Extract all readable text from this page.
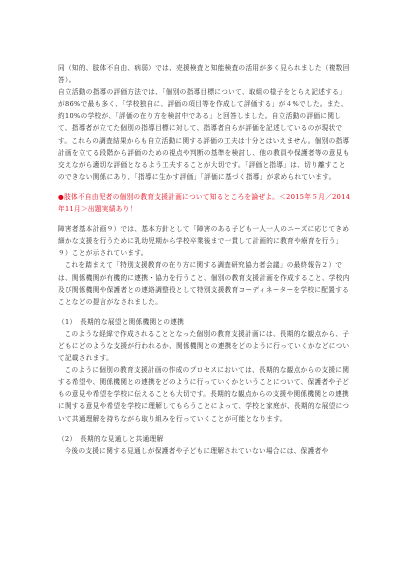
同（知的、肢体不自由、病弱）では、売援検査と知能検査の活用が多く見られました（複数回答）。

自立活動の指導の評価方法では、「個別の指導目標について、取組の様子をとらえ記述する」が86%で最も多く、「学校独自に、評価の項目等を作成して評価する」が４%でした。また、約10%の学校が、「評価の在り方を検討中である」と回答しました。自立活動の評価に関して、指導者が立てた個別の指導目標に対して、指導者自らが評価を記述しているのが現状です。これらの調査結果からも自立活動に関する評価の工夫は十分とはいえません。個別の指導計画を立てる段階から評価のための視点や判断の基準を検討し、他の教員や保護者等の意見も交えながら適切な評価となるよう工夫することが大切です。「評価と指導」は、切り離すことのできない関係にあり、「指導に生かす評価」「評価に基づく指導」が求められています。

●肢体不自由児者の個別の教育支援計画について知るところを論ぜよ。＜2015年５月／2014年11月＞出題実績あり！

障害者基本計画９）では、基本方針として「障害のある子ども一人一人のニーズに応じてきめ細かな支援を行うために乳幼児期から学校卒業後まで一貫して計画的に教育や療育を行う」９）ことが示されています。

これを踏まえて「特別支援教育の在り方に関する調査研究協力者会議」の最終報告２）では、関係機関が有機的に連携・協力を行うこと、個別の教育支援計画を作成すること、学校内及び関係機関や保護者との連絡調整役として特別支援教育コーディネーターを学校に配置することなどの提言がなされました。

（1）　長期的な展望と関係機関との連携

このような経緯で作成されることとなった個別の教育支援計画には、長期的な観点から、子どもにどのような支援が行われるか、関係機関との連携をどのように行っていくかなどについて記載されます。

このように個別の教育支援計画の作成のプロセスにおいては、長期的な観点からの支援に関する希望や、関係機関との連携をどのように行っていくかということについて、保護者や子どもの意見や希望を学校に伝えることも大切です。長期的な観点からの支援や関係機関との連携に関する意見や希望を学校に理解してもらうことによって、学校と家庭が、長期的な展望について共通理解を持ちながら取り組みを行っていくことが可能となります。

（2）　長期的な見通しと共通理解

今後の支援に関する見通しが保護者や子どもに理解されていない場合には、保護者や
